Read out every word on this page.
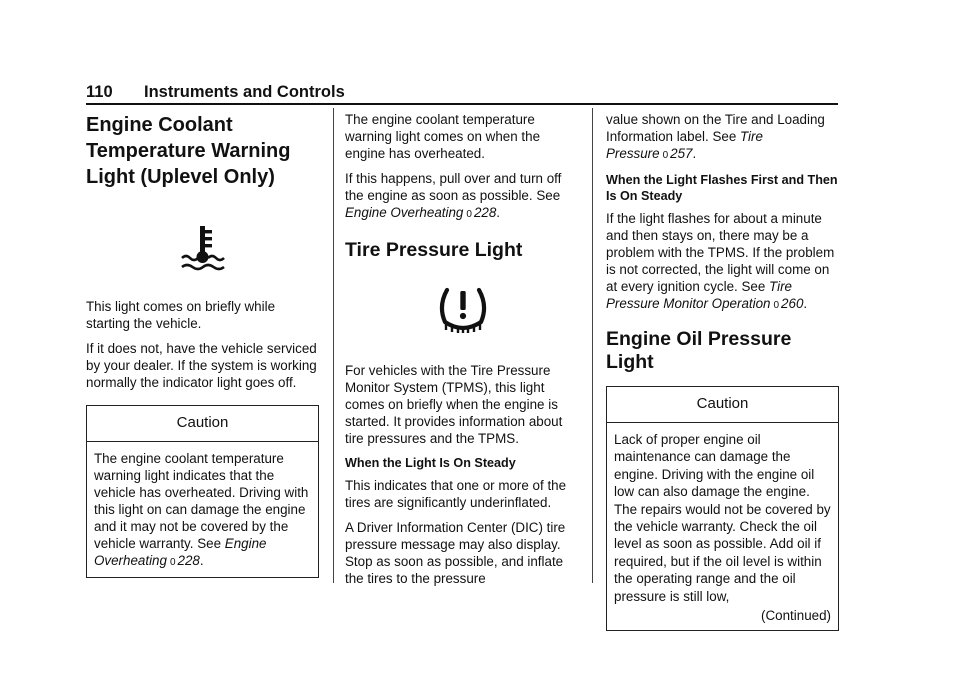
110 Instruments and Controls
Engine Coolant
Temperature Warning
Light (Uplevel Only)

This light comes on briefly while starting the vehicle.

If it does not, have the vehicle serviced by your dealer. If the system is working normally the indicator light goes off.

Caution
The engine coolant temperature warning light indicates that the vehicle has overheated. Driving with this light on can damage the engine and it may not be covered by the vehicle warranty. See Engine Overheating 0 228.

The engine coolant temperature warning light comes on when the engine has overheated.

If this happens, pull over and turn off the engine as soon as possible. See Engine Overheating 0 228.

Tire Pressure Light

For vehicles with the Tire Pressure Monitor System (TPMS), this light comes on briefly when the engine is started. It provides information about tire pressures and the TPMS.

When the Light Is On Steady

This indicates that one or more of the tires are significantly underinflated.

A Driver Information Center (DIC) tire pressure message may also display. Stop as soon as possible, and inflate the tires to the pressure

value shown on the Tire and Loading Information label. See Tire Pressure 0 257.

When the Light Flashes First and Then Is On Steady

If the light flashes for about a minute and then stays on, there may be a problem with the TPMS. If the problem is not corrected, the light will come on at every ignition cycle. See Tire Pressure Monitor Operation 0 260.

Engine Oil Pressure Light
Caution
Lack of proper engine oil maintenance can damage the engine. Driving with the engine oil low can also damage the engine. The repairs would not be covered by the vehicle warranty. Check the oil level as soon as possible. Add oil if required, but if the oil level is within the operating range and the oil pressure is still low,
(Continued)
